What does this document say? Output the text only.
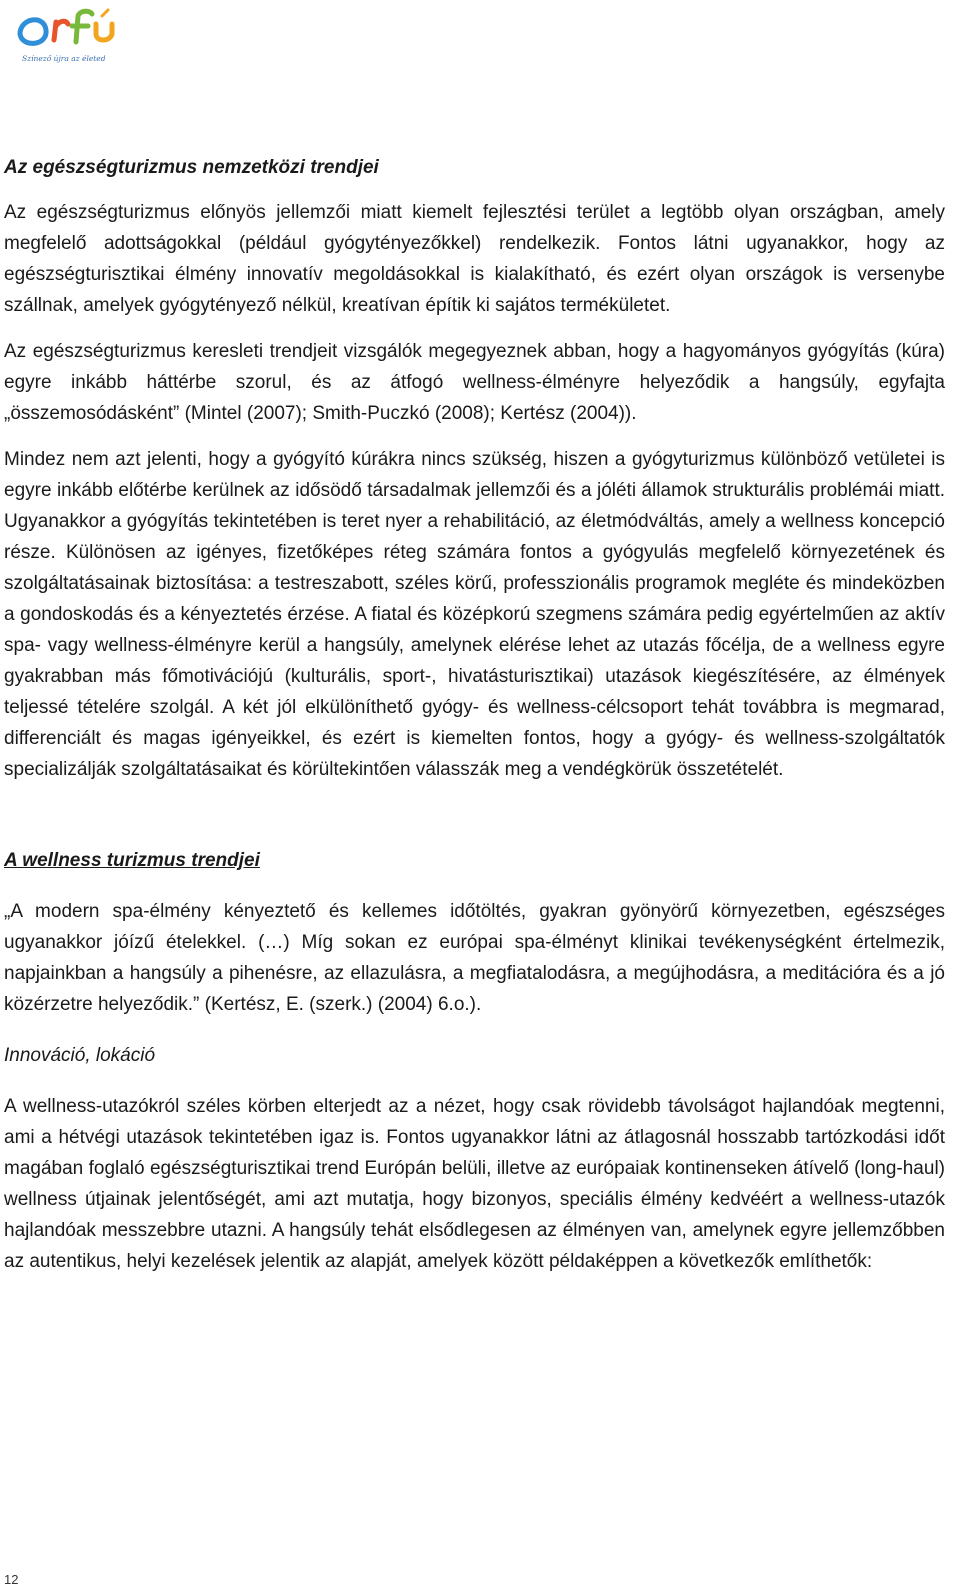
Színező újra az életed

Az egészségturizmus nemzetközi trendjei

Az egészségturizmus előnyös jellemzői miatt kiemelt fejlesztési terület a legtöbb olyan országban, amely megfelelő adottságokkal (például gyógytényezőkkel) rendelkezik. Fontos látni ugyanakkor, hogy az egészségturisztikai élmény innovatív megoldásokkal is kialakítható, és ezért olyan országok is versenybe szállnak, amelyek gyógytényező nélkül, kreatívan építik ki sajátos termékületet.

Az egészségturizmus keresleti trendjeit vizsgálók megegyeznek abban, hogy a hagyományos gyógyítás (kúra) egyre inkább háttérbe szorul, és az átfogó wellness-élményre helyeződik a hangsúly, egyfajta „összemosódásként” (Mintel (2007); Smith-Puczkó (2008); Kertész (2004)).

Mindez nem azt jelenti, hogy a gyógyító kúrákra nincs szükség, hiszen a gyógyturizmus különböző vetületei is egyre inkább előtérbe kerülnek az idősödő társadalmak jellemzői és a jóléti államok strukturális problémái miatt. Ugyanakkor a gyógyítás tekintetében is teret nyer a rehabilitáció, az életmódváltás, amely a wellness koncepció része. Különösen az igényes, fizetőképes réteg számára fontos a gyógyulás megfelelő környezetének és szolgáltatásainak biztosítása: a testreszabott, széles körű, professzionális programok megléte és mindeközben a gondoskodás és a kényeztetés érzése. A fiatal és középkorú szegmens számára pedig egyértelműen az aktív spa- vagy wellness-élményre kerül a hangsúly, amelynek elérése lehet az utazás főcélja, de a wellness egyre gyakrabban más főmotivációjú (kulturális, sport-, hivatásturisztikai) utazások kiegészítésére, az élmények teljessé tételére szolgál. A két jól elkülöníthető gyógy- és wellness-célcsoport tehát továbbra is megmarad, differenciált és magas igényeikkel, és ezért is kiemelten fontos, hogy a gyógy- és wellness-szolgáltatók specializálják szolgáltatásaikat és körültekintően válasszák meg a vendégkörük összetételét.

A wellness turizmus trendjei

„A modern spa-élmény kényeztető és kellemes időtöltés, gyakran gyönyörű környezetben, egészséges ugyanakkor jóízű ételekkel. (…) Míg sokan ez európai spa-élményt klinikai tevékenységként értelmezik, napjainkban a hangsúly a pihenésre, az ellazulásra, a megfiatalodásra, a megújhodásra, a meditációra és a jó közérzetre helyeződik.” (Kertész, E. (szerk.) (2004) 6.o.).

Innováció, lokáció

A wellness-utazókról széles körben elterjedt az a nézet, hogy csak rövidebb távolságot hajlandóak megtenni, ami a hétvégi utazások tekintetében igaz is. Fontos ugyanakkor látni az átlagosnál hosszabb tartózkodási időt magában foglaló egészségturisztikai trend Európán belüli, illetve az európaiak kontinenseken átívelő (long-haul) wellness útjainak jelentőségét, ami azt mutatja, hogy bizonyos, speciális élmény kedvéért a wellness-utazók hajlandóak messzebbre utazni. A hangsúly tehát elsődlegesen az élményen van, amelynek egyre jellemzőbben az autentikus, helyi kezelések jelentik az alapját, amelyek között példaképpen a következők említhetők:

12
